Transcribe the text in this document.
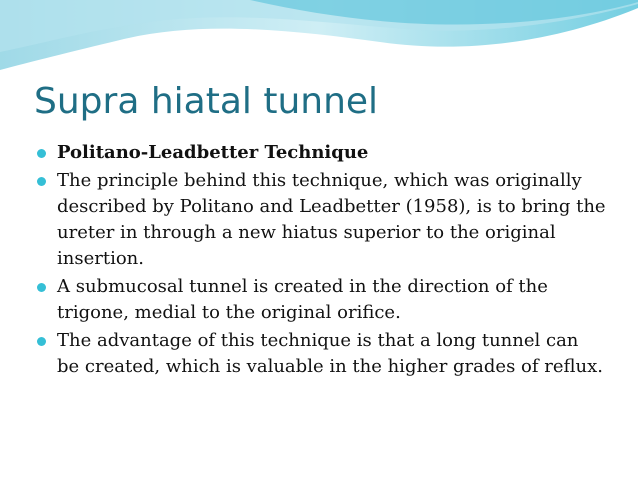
Supra hiatal tunnel
Politano-Leadbetter Technique
The principle behind this technique, which was originally described by Politano and Leadbetter (1958), is to bring the ureter in through a new hiatus superior to the original insertion.
A submucosal tunnel is created in the direction of the trigone, medial to the original orifice.
The advantage of this technique is that a long tunnel can be created, which is valuable in the higher grades of reflux.
